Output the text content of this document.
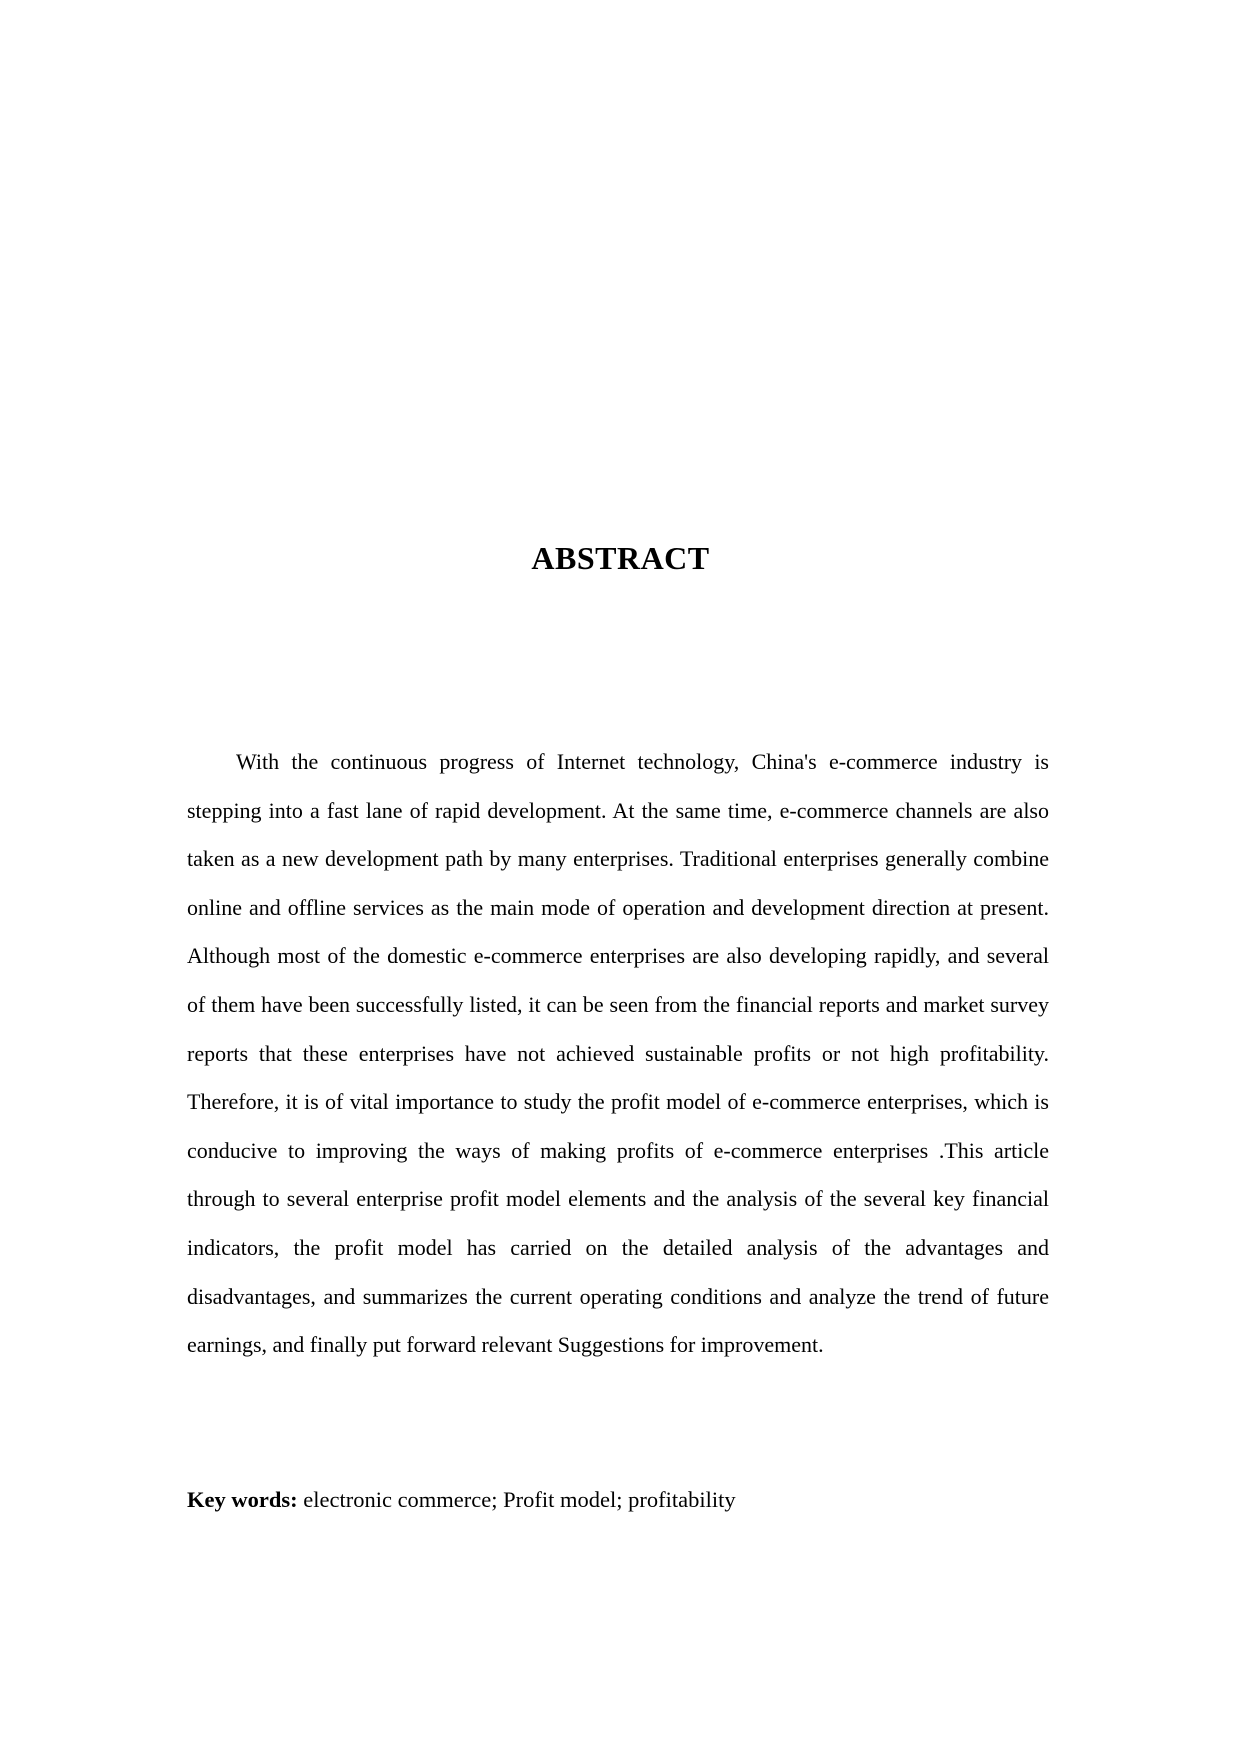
ABSTRACT

With the continuous progress of Internet technology, China's e-commerce industry is stepping into a fast lane of rapid development. At the same time, e-commerce channels are also taken as a new development path by many enterprises. Traditional enterprises generally combine online and offline services as the main mode of operation and development direction at present. Although most of the domestic e-commerce enterprises are also developing rapidly, and several of them have been successfully listed, it can be seen from the financial reports and market survey reports that these enterprises have not achieved sustainable profits or not high profitability. Therefore, it is of vital importance to study the profit model of e-commerce enterprises, which is conducive to improving the ways of making profits of e-commerce enterprises .This article through to several enterprise profit model elements and the analysis of the several key financial indicators, the profit model has carried on the detailed analysis of the advantages and disadvantages, and summarizes the current operating conditions and analyze the trend of future earnings, and finally put forward relevant Suggestions for improvement.

Key words: electronic commerce; Profit model; profitability
